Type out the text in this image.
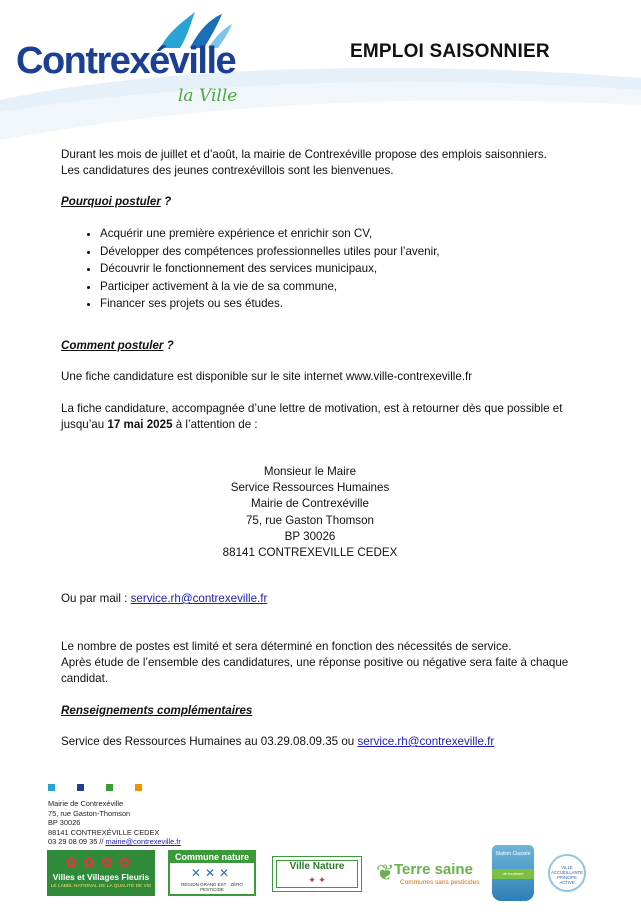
Contrexéville
la Ville
EMPLOI SAISONNIER
Durant les mois de juillet et d’août, la mairie de Contrexéville propose des emplois saisonniers.
Les candidatures des jeunes contrexévillois sont les bienvenues.
Pourquoi postuler ?
• Acquérir une première expérience et enrichir son CV,
• Développer des compétences professionnelles utiles pour l’avenir,
• Découvrir le fonctionnement des services municipaux,
• Participer activement à la vie de sa commune,
• Financer ses projets ou ses études.
Comment postuler ?
Une fiche candidature est disponible sur le site internet www.ville-contrexeville.fr
La fiche candidature, accompagnée d’une lettre de motivation, est à retourner dès que possible et
jusqu’au 17 mai 2025 à l’attention de :
Monsieur le Maire
Service Ressources Humaines
Mairie de Contrexéville
75, rue Gaston Thomson
BP 30026
88141 CONTREXEVILLE CEDEX
Ou par mail : service.rh@contrexeville.fr
Le nombre de postes est limité et sera déterminé en fonction des nécessités de service.
Après étude de l’ensemble des candidatures, une réponse positive ou négative sera faite à chaque
candidat.
Renseignements complémentaires
Service des Ressources Humaines au 03.29.08.09.35 ou service.rh@contrexeville.fr
Mairie de Contrexéville
75, rue Gaston-Thomson
BP 30026
88141 CONTREXÉVILLE CEDEX
03 29 08 09 35 // mairie@contrexeville.fr
✿✿✿✿
Villes et Villages Fleuris
LE LABEL NATIONAL DE LA QUALITÉ DE VIE
Commune nature
✕✕✕
RÉGION GRAND EST · ZÉRO PESTICIDE
Ville Nature
✦ ✦	❦ Terre saine
Communes sans pesticides
Station Classée
de tourisme
VILLE ACCUEILLANTE PRINCIPE ACTIVE
